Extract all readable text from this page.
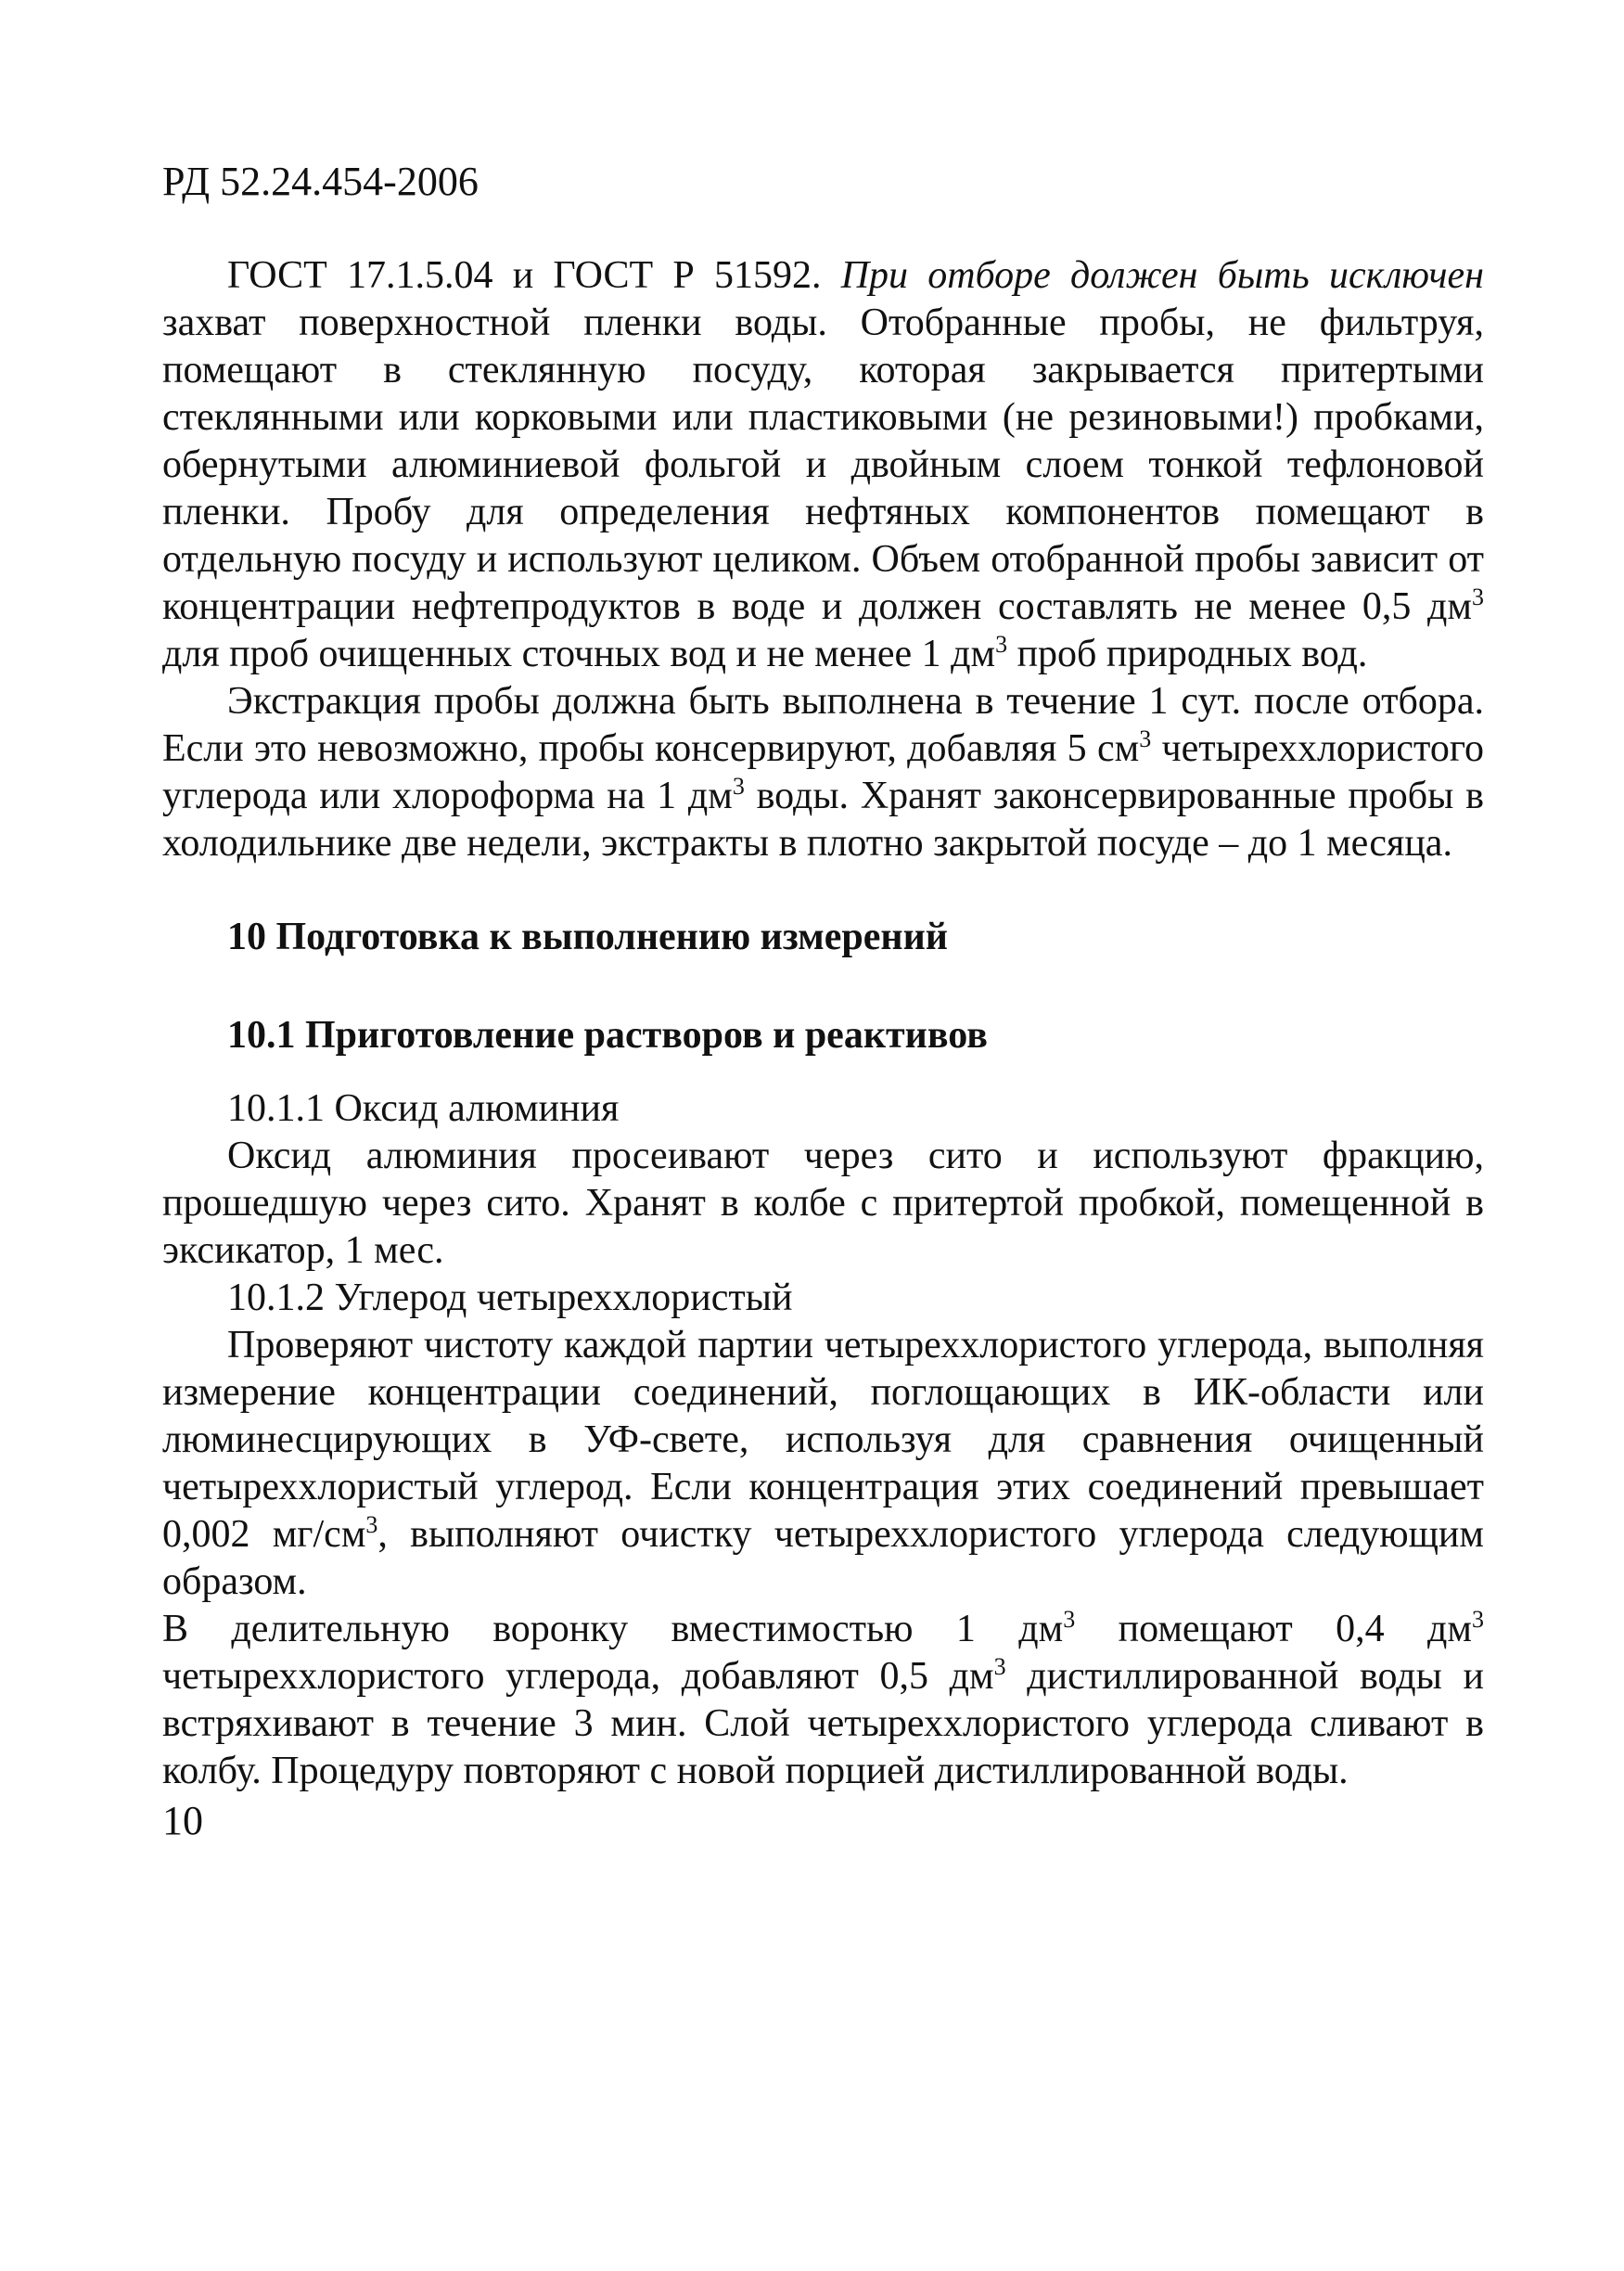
РД 52.24.454-2006

ГОСТ 17.1.5.04 и ГОСТ Р 51592. При отборе должен быть исключен захват поверхностной пленки воды. Отобранные пробы, не фильтруя, помещают в стеклянную посуду, которая закрывается притертыми стеклянными или корковыми или пластиковыми (не резиновыми!) пробками, обернутыми алюминиевой фольгой и двойным слоем тонкой тефлоновой пленки. Пробу для определения нефтяных компонентов помещают в отдельную посуду и используют целиком. Объем отобранной пробы зависит от концентрации нефтепродуктов в воде и должен составлять не менее 0,5 $дм^3$ для проб очищенных сточных вод и не менее 1 $дм^3$ проб природных вод.

Экстракция пробы должна быть выполнена в течение 1 сут. после отбора. Если это невозможно, пробы консервируют, добавляя 5 $см^3$ четыреххлористого углерода или хлороформа на 1 $дм^3$ воды. Хранят законсервированные пробы в холодильнике две недели, экстракты в плотно закрытой посуде – до 1 месяца.

10 Подготовка к выполнению измерений
10.1 Приготовление растворов и реактивов
10.1.1 Оксид алюминия

Оксид алюминия просеивают через сито и используют фракцию, прошедшую через сито. Хранят в колбе с притертой пробкой, помещенной в эксикатор, 1 мес.

10.1.2 Углерод четыреххлористый

Проверяют чистоту каждой партии четыреххлористого углерода, выполняя измерение концентрации соединений, поглощающих в ИК-области или люминесцирующих в УФ-свете, используя для сравнения очищенный четыреххлористый углерод. Если концентрация этих соединений превышает 0,002 $мг/см^3$, выполняют очистку четыреххлористого углерода следующим образом.

В делительную воронку вместимостью 1 $дм^3$ помещают 0,4 $дм^3$ четыреххлористого углерода, добавляют 0,5 $дм^3$ дистиллированной воды и встряхивают в течение 3 мин. Слой четыреххлористого углерода сливают в колбу. Процедуру повторяют с новой порцией дистиллированной воды.

10
